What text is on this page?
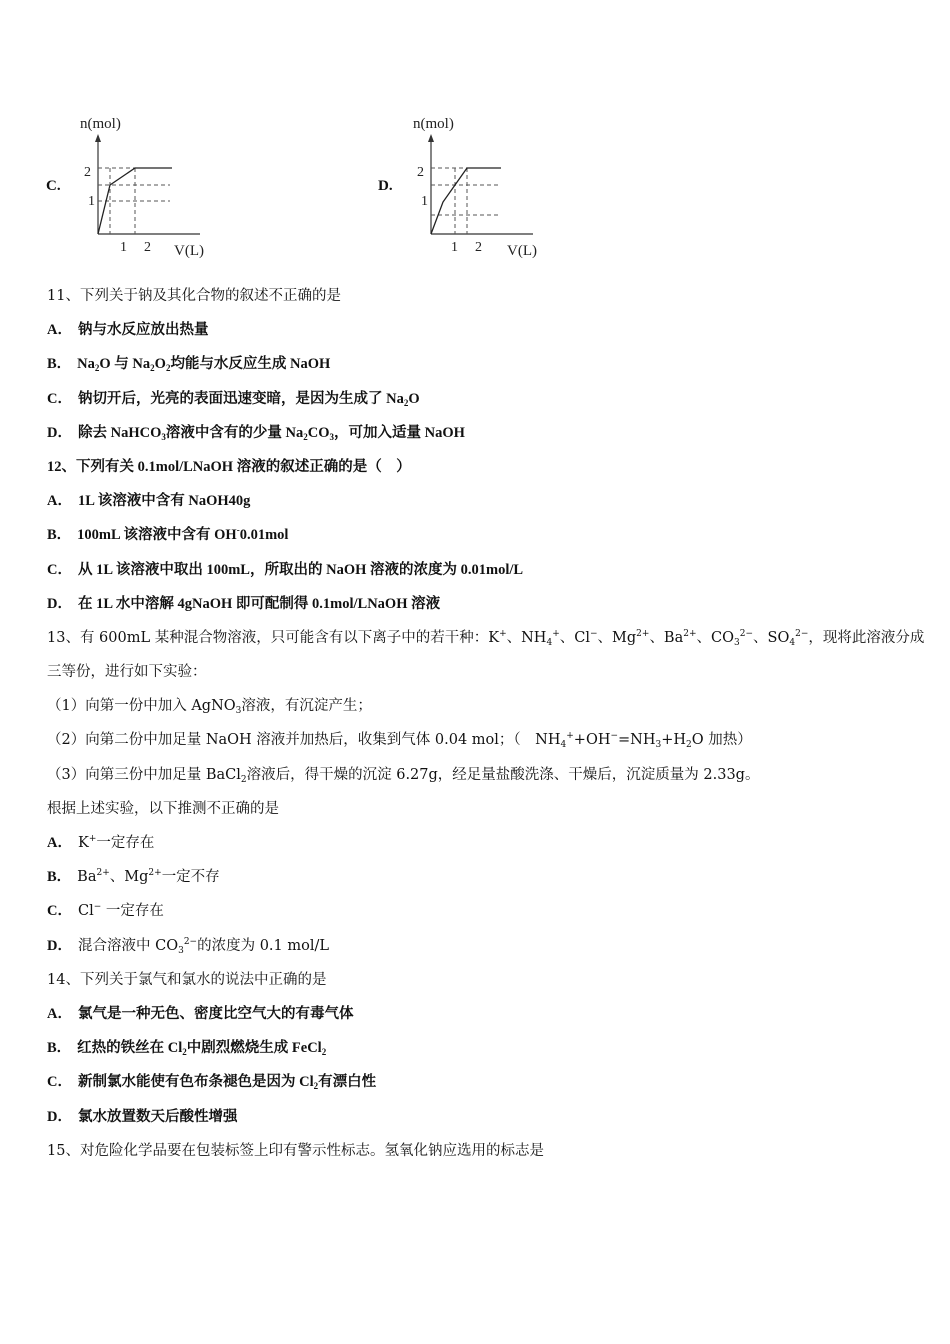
C.
n(mol)
1
2
1 2 V(L)
D.
n(mol)
1
2
1 2 V(L)
11、下列关于钠及其化合物的叙述不正确的是
A． 钠与水反应放出热量
B． $Na_2O$ 与 $Na_2O_2$均能与水反应生成 NaOH
C． 钠切开后，光亮的表面迅速变暗，是因为生成了 $Na_2O$
D． 除去 NaHCO$_3$溶液中含有的少量 $Na_2CO_3$，可加入适量 NaOH
12、下列有关 0.1mol/LNaOH 溶液的叙述正确的是（　）
A． 1L 该溶液中含有 NaOH40g
B． 100mL 该溶液中含有 OH-0.01mol
C． 从 1L 该溶液中取出 100mL，所取出的 NaOH 溶液的浓度为 0.01mol/L
D． 在 1L 水中溶解 4gNaOH 即可配制得 0.1mol/LNaOH 溶液
13、有 600mL 某种混合物溶液，只可能含有以下离子中的若干种：K+、$NH_4^+$、Cl−、$Mg^{2+}$、$Ba^{2+}$、$CO_3^{2-}$、$SO_4^{2-}$，现将此溶液分成
三等份，进行如下实验：
（1）向第一份中加入 AgNO$_3$溶液，有沉淀产生；
（2）向第二份中加足量 NaOH 溶液并加热后，收集到气体 0.04 mol；（　$NH_4^++OH^-=NH_3+H_2O$ 加热）
（3）向第三份中加足量 BaCl$_2$溶液后，得干燥的沉淀 6.27g，经足量盐酸洗涤、干燥后，沉淀质量为 2.33g。
根据上述实验，以下推测不正确的是
A． K+一定存在
B． $Ba^{2+}$、$Mg^{2+}$一定不存
C． Cl− 一定存在
D． 混合溶液中 $CO_3^{2-}$的浓度为 0.1 mol/L
14、下列关于氯气和氯水的说法中正确的是
A． 氯气是一种无色、密度比空气大的有毒气体
B． 红热的铁丝在 $Cl_2$中剧烈燃烧生成 FeCl$_2$
C． 新制氯水能使有色布条褪色是因为 $Cl_2$有漂白性
D． 氯水放置数天后酸性增强
15、对危险化学品要在包装标签上印有警示性标志。氢氧化钠应选用的标志是
